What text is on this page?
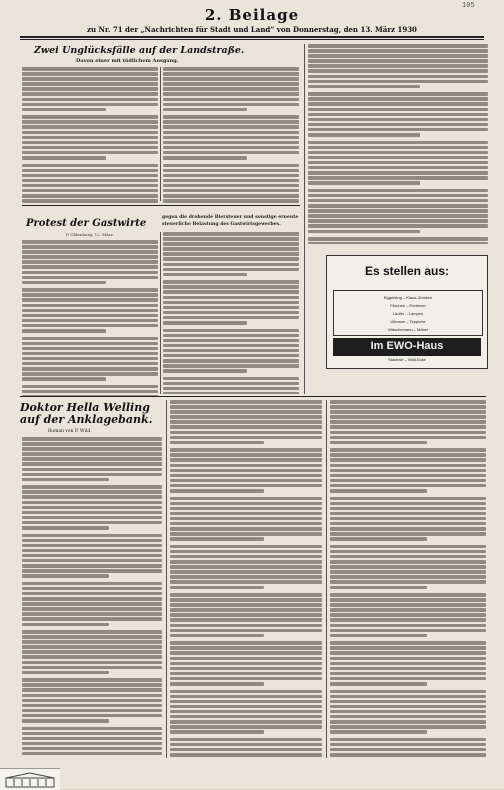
105
2. Beilage
zu Nr. 71 der „Nachrichten für Stadt und Land“ von Donnerstag, den 13. März 1930
Zwei Unglücksfälle auf der Landstraße.
Davon einer mit tödlichem Ausgang.
Protest der Gastwirte
gegen die drohende Biersteuer und sonstige erneute
steuerliche Belastung des Gastwirtsgewerbes.
P. Oldenburg, 12. März.
Es stellen aus:
Eggerking – Klaus–Decken
Filzchen – Portieren
Läufer – Lampen
Ullmann – Teppiche
Wäschemann – Möbel
Im EWO-Haus
Staulinie – Wall-Ecke
Doktor Hella Welling
auf der Anklagebank.
Roman von P. Wild.
